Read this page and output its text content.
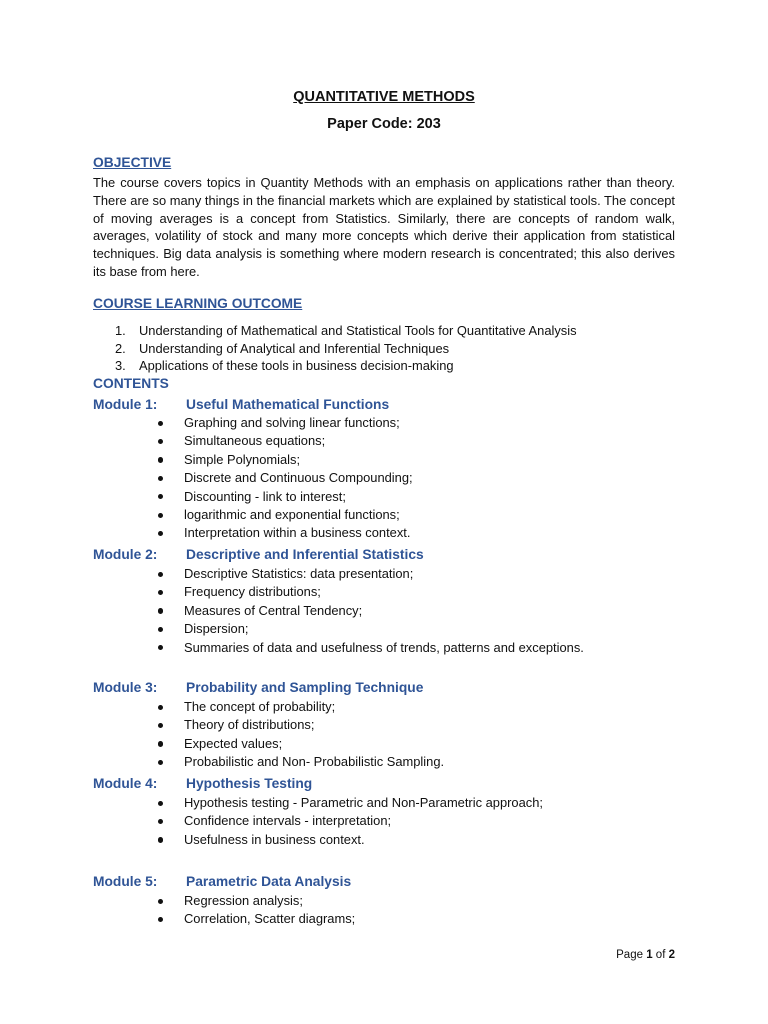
QUANTITATIVE METHODS
Paper Code: 203
OBJECTIVE
The course covers topics in Quantity Methods with an emphasis on applications rather than theory. There are so many things in the financial markets which are explained by statistical tools. The concept of moving averages is a concept from Statistics. Similarly, there are concepts of random walk, averages, volatility of stock and many more concepts which derive their application from statistical techniques. Big data analysis is something where modern research is concentrated; this also derives its base from here.
COURSE LEARNING OUTCOME
1. Understanding of Mathematical and Statistical Tools for Quantitative Analysis
2. Understanding of Analytical and Inferential Techniques
3. Applications of these tools in business decision-making
CONTENTS
Module 1: Useful Mathematical Functions
Graphing and solving linear functions;
Simultaneous equations;
Simple Polynomials;
Discrete and Continuous Compounding;
Discounting - link to interest;
logarithmic and exponential functions;
Interpretation within a business context.
Module 2: Descriptive and Inferential Statistics
Descriptive Statistics: data presentation;
Frequency distributions;
Measures of Central Tendency;
Dispersion;
Summaries of data and usefulness of trends, patterns and exceptions.
Module 3: Probability and Sampling Technique
The concept of probability;
Theory of distributions;
Expected values;
Probabilistic and Non- Probabilistic Sampling.
Module 4: Hypothesis Testing
Hypothesis testing - Parametric and Non-Parametric approach;
Confidence intervals - interpretation;
Usefulness in business context.
Module 5: Parametric Data Analysis
Regression analysis;
Correlation, Scatter diagrams;
Page 1 of 2
